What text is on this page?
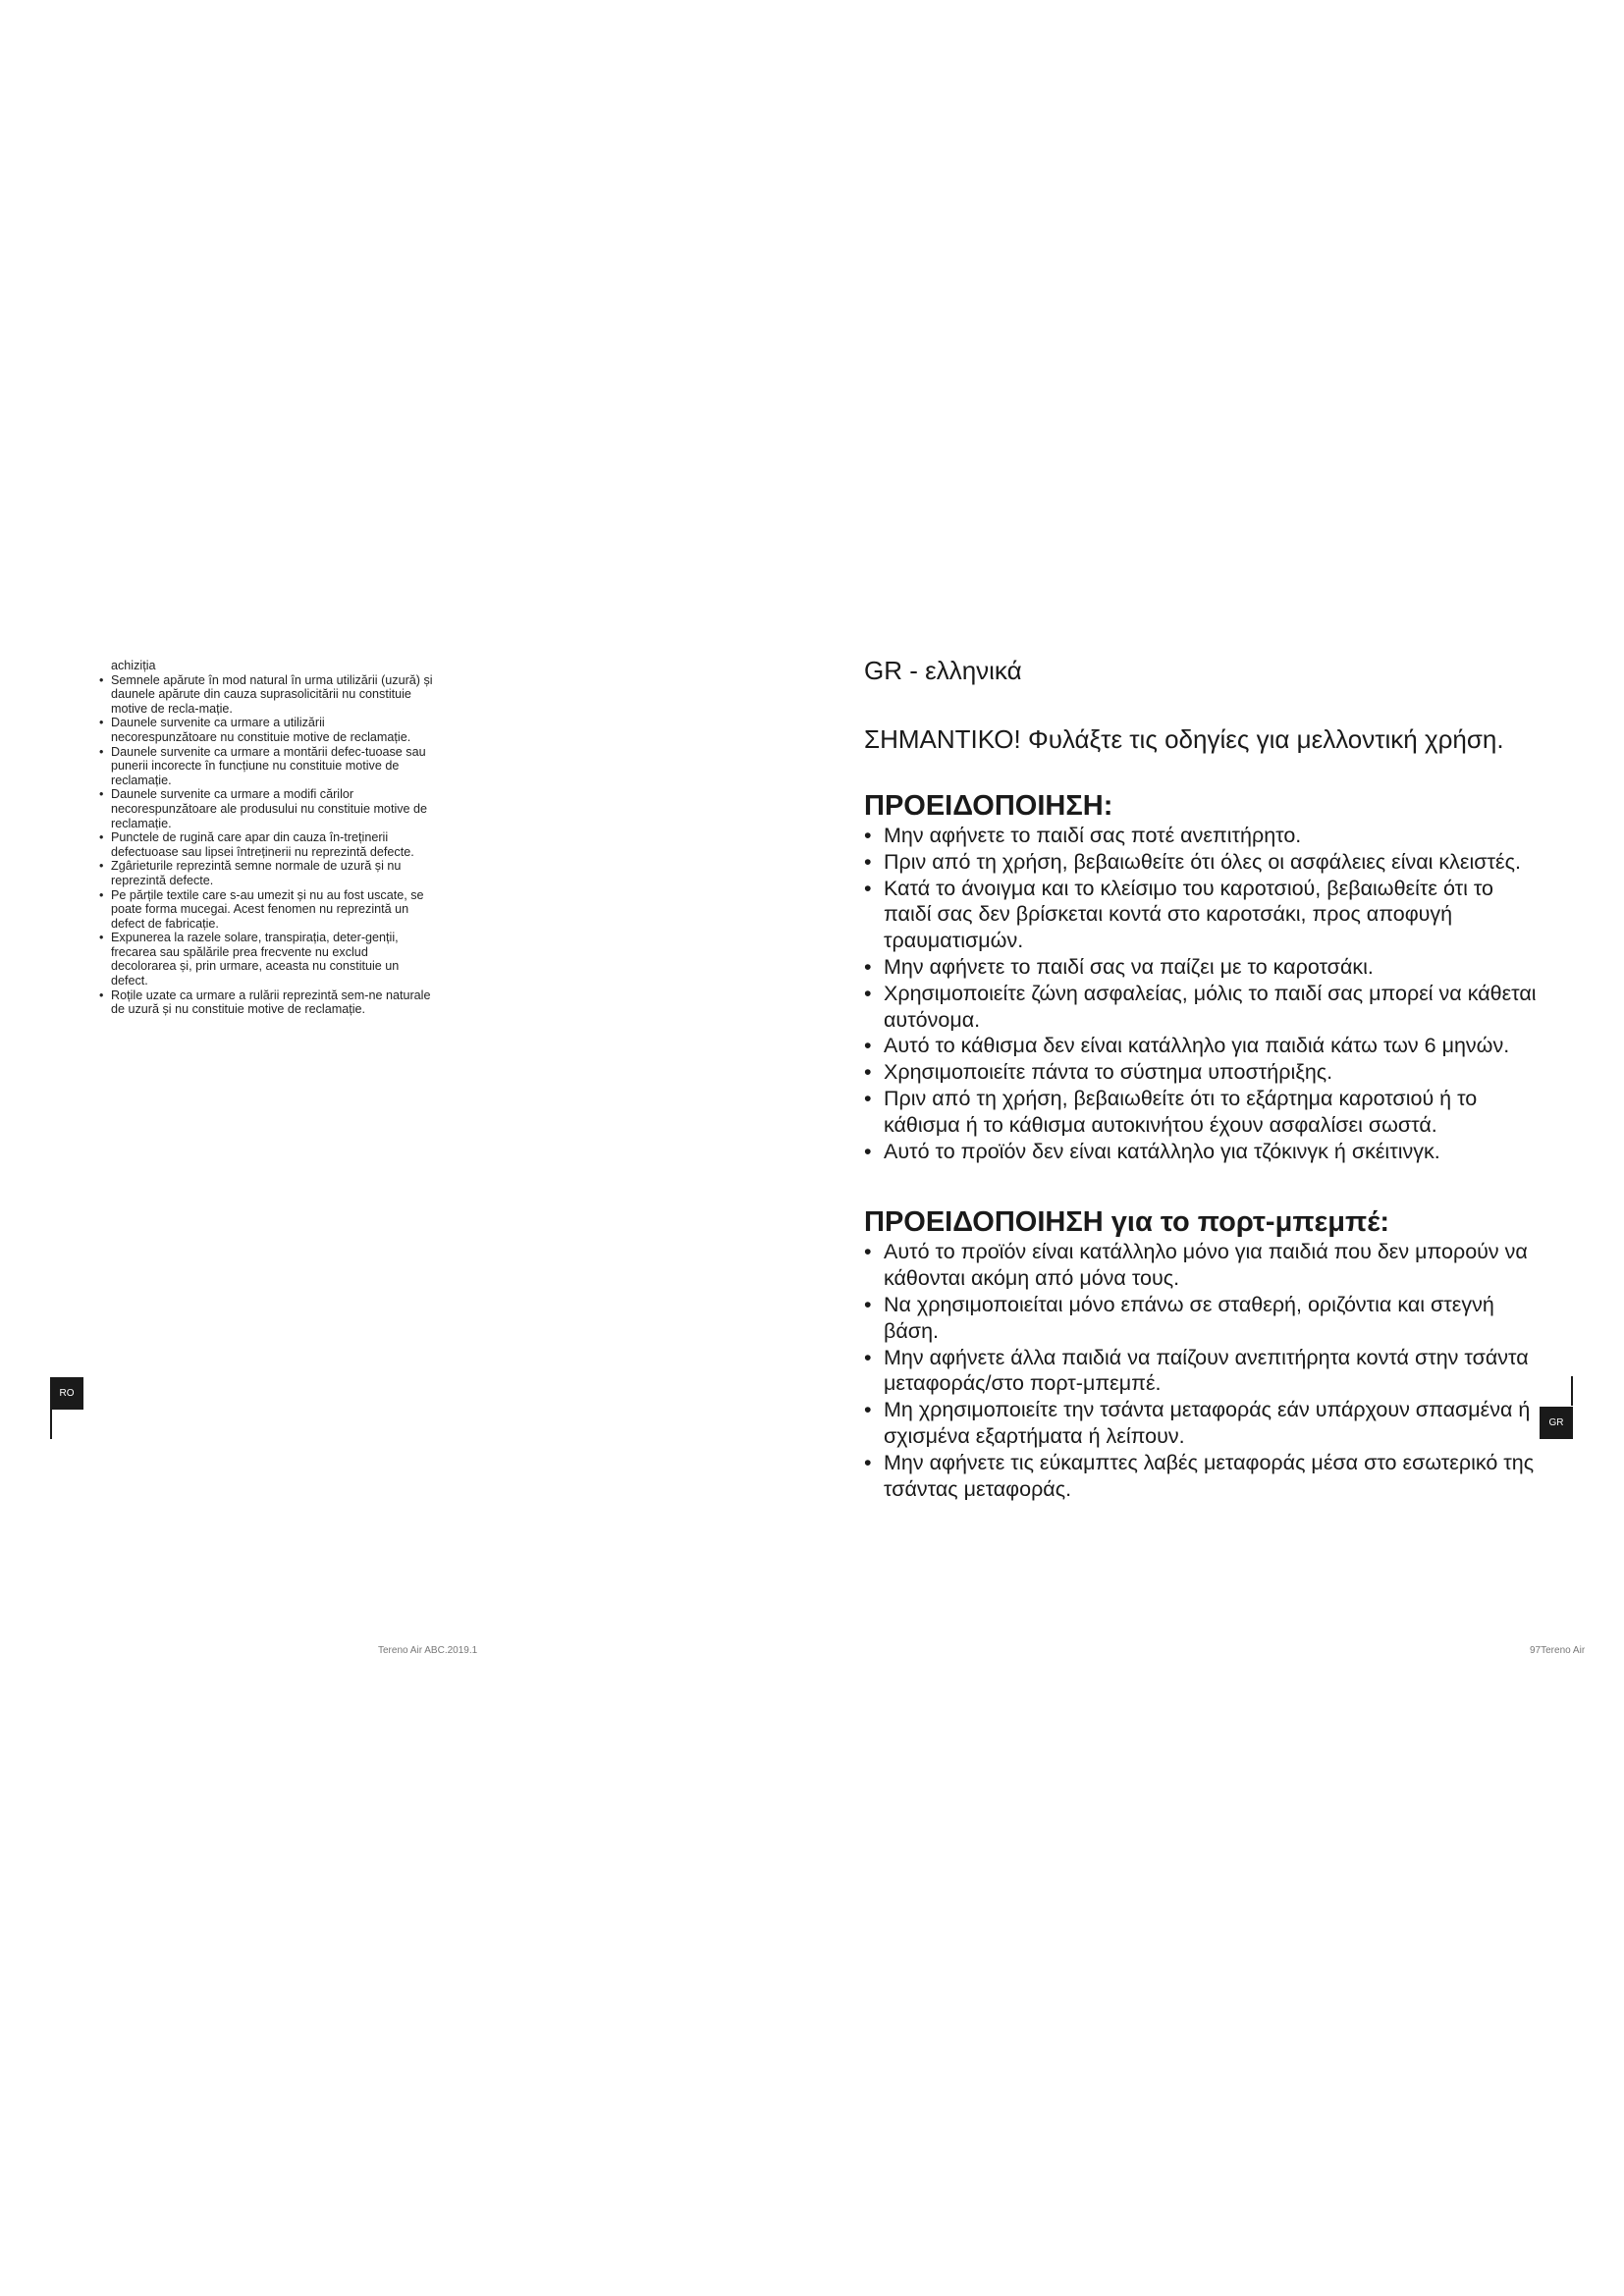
achiziția

• Semnele apărute în mod natural în urma utilizării (uzură) și daunele apărute din cauza suprasolicitării nu constituie motive de recla-mație.
• Daunele survenite ca urmare a utilizării necorespunzătoare nu constituie motive de reclamație.
• Daunele survenite ca urmare a montării defec-tuoase sau punerii incorecte în funcțiune nu constituie motive de reclamație.
• Daunele survenite ca urmare a modifi cărilor necorespunzătoare ale produsului nu constituie motive de reclamație.
• Punctele de rugină care apar din cauza în-treținerii defectuoase sau lipsei întreținerii nu reprezintă defecte.
• Zgârieturile reprezintă semne normale de uzură și nu reprezintă defecte.
• Pe părțile textile care s-au umezit și nu au fost uscate, se poate forma mucegai. Acest fenomen nu reprezintă un defect de fabricație.
• Expunerea la razele solare, transpirația, deter-genții, frecarea sau spălările prea frecvente nu exclud decolorarea și, prin urmare, aceasta nu constituie un defect.
• Roțile uzate ca urmare a rulării reprezintă sem-ne naturale de uzură și nu constituie motive de reclamație.
RO
Tereno Air ABC.2019.1

GR - ελληνικά

ΣΗΜΑΝΤΙΚΟ! Φυλάξτε τις οδηγίες για μελλοντική χρήση.

ΠΡΟΕΙΔΟΠΟΙΗΣΗ:
• Μην αφήνετε το παιδί σας ποτέ ανεπιτήρητο.
• Πριν από τη χρήση, βεβαιωθείτε ότι όλες οι ασφάλειες είναι κλειστές.
• Κατά το άνοιγμα και το κλείσιμο του καροτσιού, βεβαιωθείτε ότι το παιδί σας δεν βρίσκεται κοντά στο καροτσάκι, προς αποφυγή τραυματισμών.
• Μην αφήνετε το παιδί σας να παίζει με το καροτσάκι.
• Χρησιμοποιείτε ζώνη ασφαλείας, μόλις το παιδί σας μπορεί να κάθεται αυτόνομα.
• Αυτό το κάθισμα δεν είναι κατάλληλο για παιδιά κάτω των 6 μηνών.
• Χρησιμοποιείτε πάντα το σύστημα υποστήριξης.
• Πριν από τη χρήση, βεβαιωθείτε ότι το εξάρτημα καροτσιού ή το κάθισμα ή το κάθισμα αυτοκινήτου έχουν ασφαλίσει σωστά.
• Αυτό το προϊόν δεν είναι κατάλληλο για τζόκινγκ ή σκέιτινγκ.
ΠΡΟΕΙΔΟΠΟΙΗΣΗ για το πορτ-μπεμπέ:
• Αυτό το προϊόν είναι κατάλληλο μόνο για παιδιά που δεν μπορούν να κάθονται ακόμη από μόνα τους.
• Να χρησιμοποιείται μόνο επάνω σε σταθερή, οριζόντια και στεγνή βάση.
• Μην αφήνετε άλλα παιδιά να παίζουν ανεπιτήρητα κοντά στην τσάντα μεταφοράς/στο πορτ-μπεμπέ.
• Μη χρησιμοποιείτε την τσάντα μεταφοράς εάν υπάρχουν σπασμένα ή σχισμένα εξαρτήματα ή λείπουν.
• Μην αφήνετε τις εύκαμπτες λαβές μεταφοράς μέσα στο εσωτερικό της τσάντας μεταφοράς.
GR
97Tereno Air
